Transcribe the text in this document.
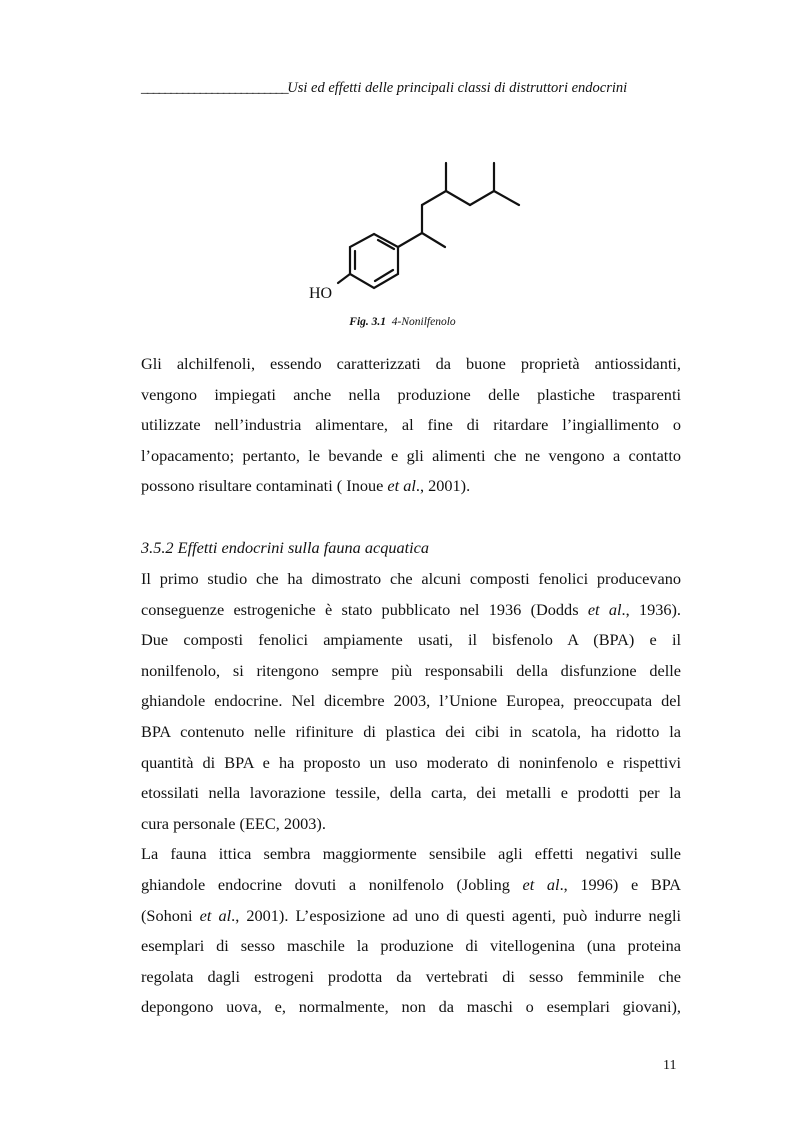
_________________________Usi ed effetti delle principali classi di distruttori endocrini
HO
Fig. 3.1 4-Nonilfenolo
Gli alchilfenoli, essendo caratterizzati da buone proprietà antiossidanti,
vengono impiegati anche nella produzione delle plastiche trasparenti
utilizzate nell’industria alimentare, al fine di ritardare l’ingiallimento o
l’opacamento; pertanto, le bevande e gli alimenti che ne vengono a contatto
possono risultare contaminati ( Inoue et al., 2001).
3.5.2 Effetti endocrini sulla fauna acquatica
Il primo studio che ha dimostrato che alcuni composti fenolici producevano
conseguenze estrogeniche è stato pubblicato nel 1936 (Dodds et al., 1936).
Due composti fenolici ampiamente usati, il bisfenolo A (BPA) e il
nonilfenolo, si ritengono sempre più responsabili della disfunzione delle
ghiandole endocrine. Nel dicembre 2003, l’Unione Europea, preoccupata del
BPA contenuto nelle rifiniture di plastica dei cibi in scatola, ha ridotto la
quantità di BPA e ha proposto un uso moderato di noninfenolo e rispettivi
etossilati nella lavorazione tessile, della carta, dei metalli e prodotti per la
cura personale (EEC, 2003).
La fauna ittica sembra maggiormente sensibile agli effetti negativi sulle
ghiandole endocrine dovuti a nonilfenolo (Jobling et al., 1996) e BPA
(Sohoni et al., 2001). L’esposizione ad uno di questi agenti, può indurre negli
esemplari di sesso maschile la produzione di vitellogenina (una proteina
regolata dagli estrogeni prodotta da vertebrati di sesso femminile che
depongono uova, e, normalmente, non da maschi o esemplari giovani),
11
